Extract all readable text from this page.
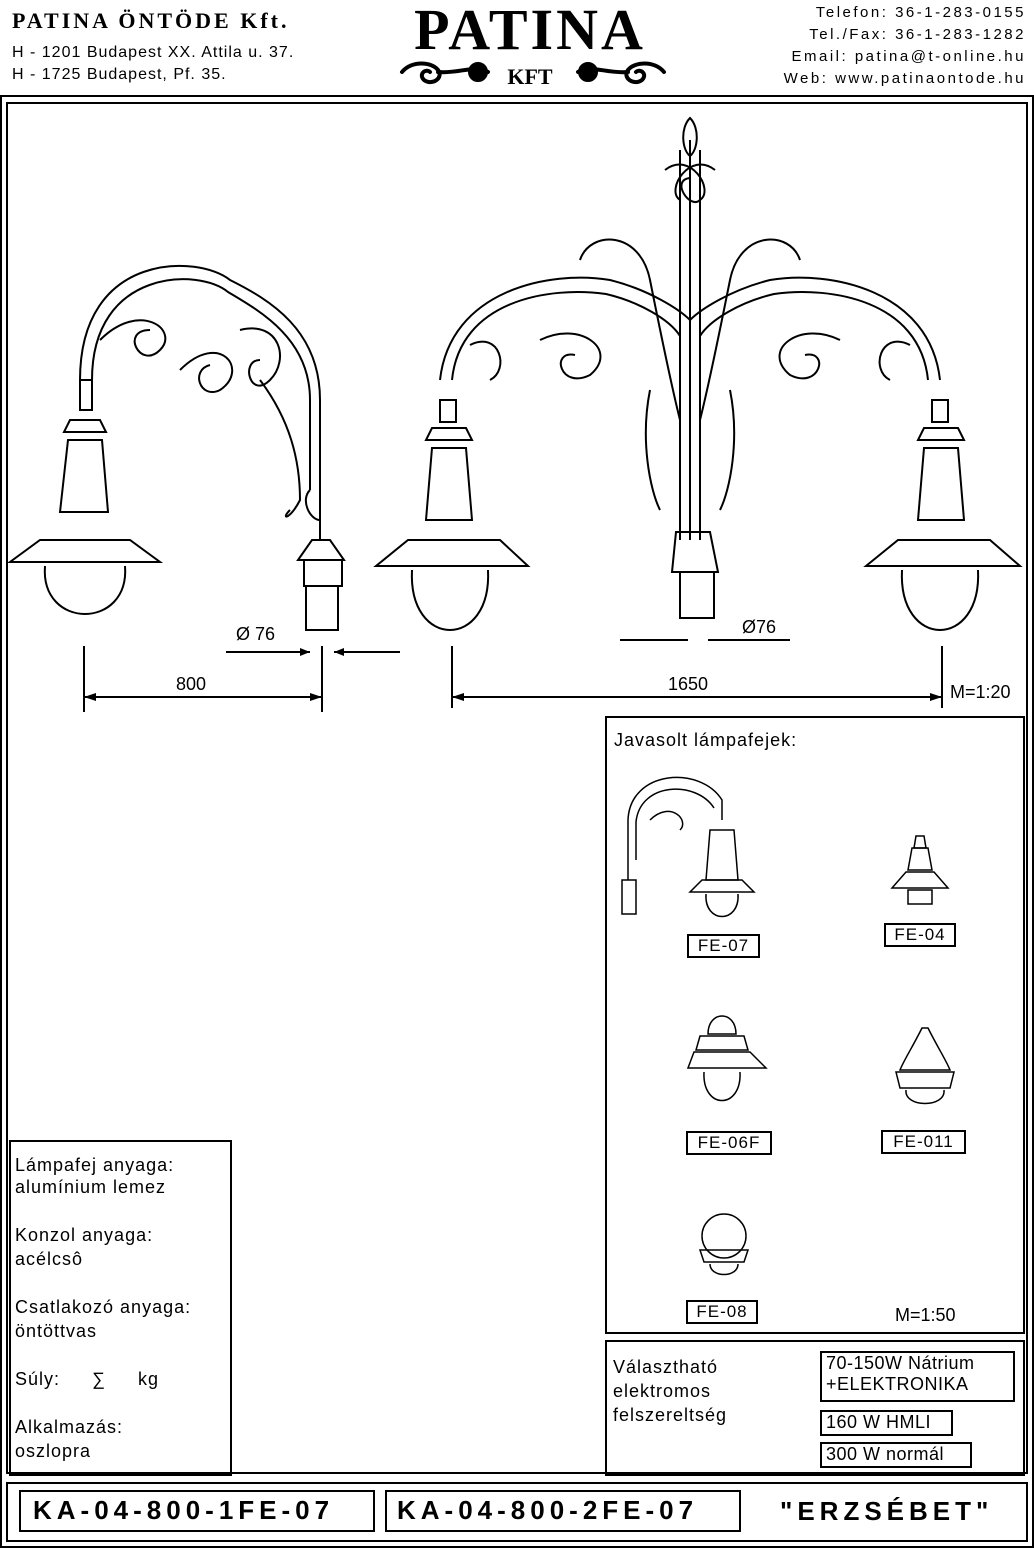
PATINA ÖNTÖDE Kft.
H - 1201 Budapest XX. Attila u. 37.
H - 1725 Budapest, Pf. 35.
PATINA
KFT
Telefon: 36-1-283-0155
Tel./Fax: 36-1-283-1282
Email: patina@t-online.hu
Web: www.patinaontode.hu
Ø 76
800
Ø76
1650	M=1:20
Javasolt lámpafejek:
FE-07
FE-04
FE-06F	FE-011
FE-08	M=1:50
Lámpafej anyaga:
alumínium lemez
Konzol anyaga:
acélcsô
Csatlakozó anyaga:
öntöttvas
Súly: ∑ kg
Alkalmazás:
oszlopra
Választható
elektromos
felszereltség
70-150W Nátrium
+ELEKTRONIKA
160 W HMLI
300 W normál
KA-04-800-1FE-07	KA-04-800-2FE-07	"ERZSÉBET"
